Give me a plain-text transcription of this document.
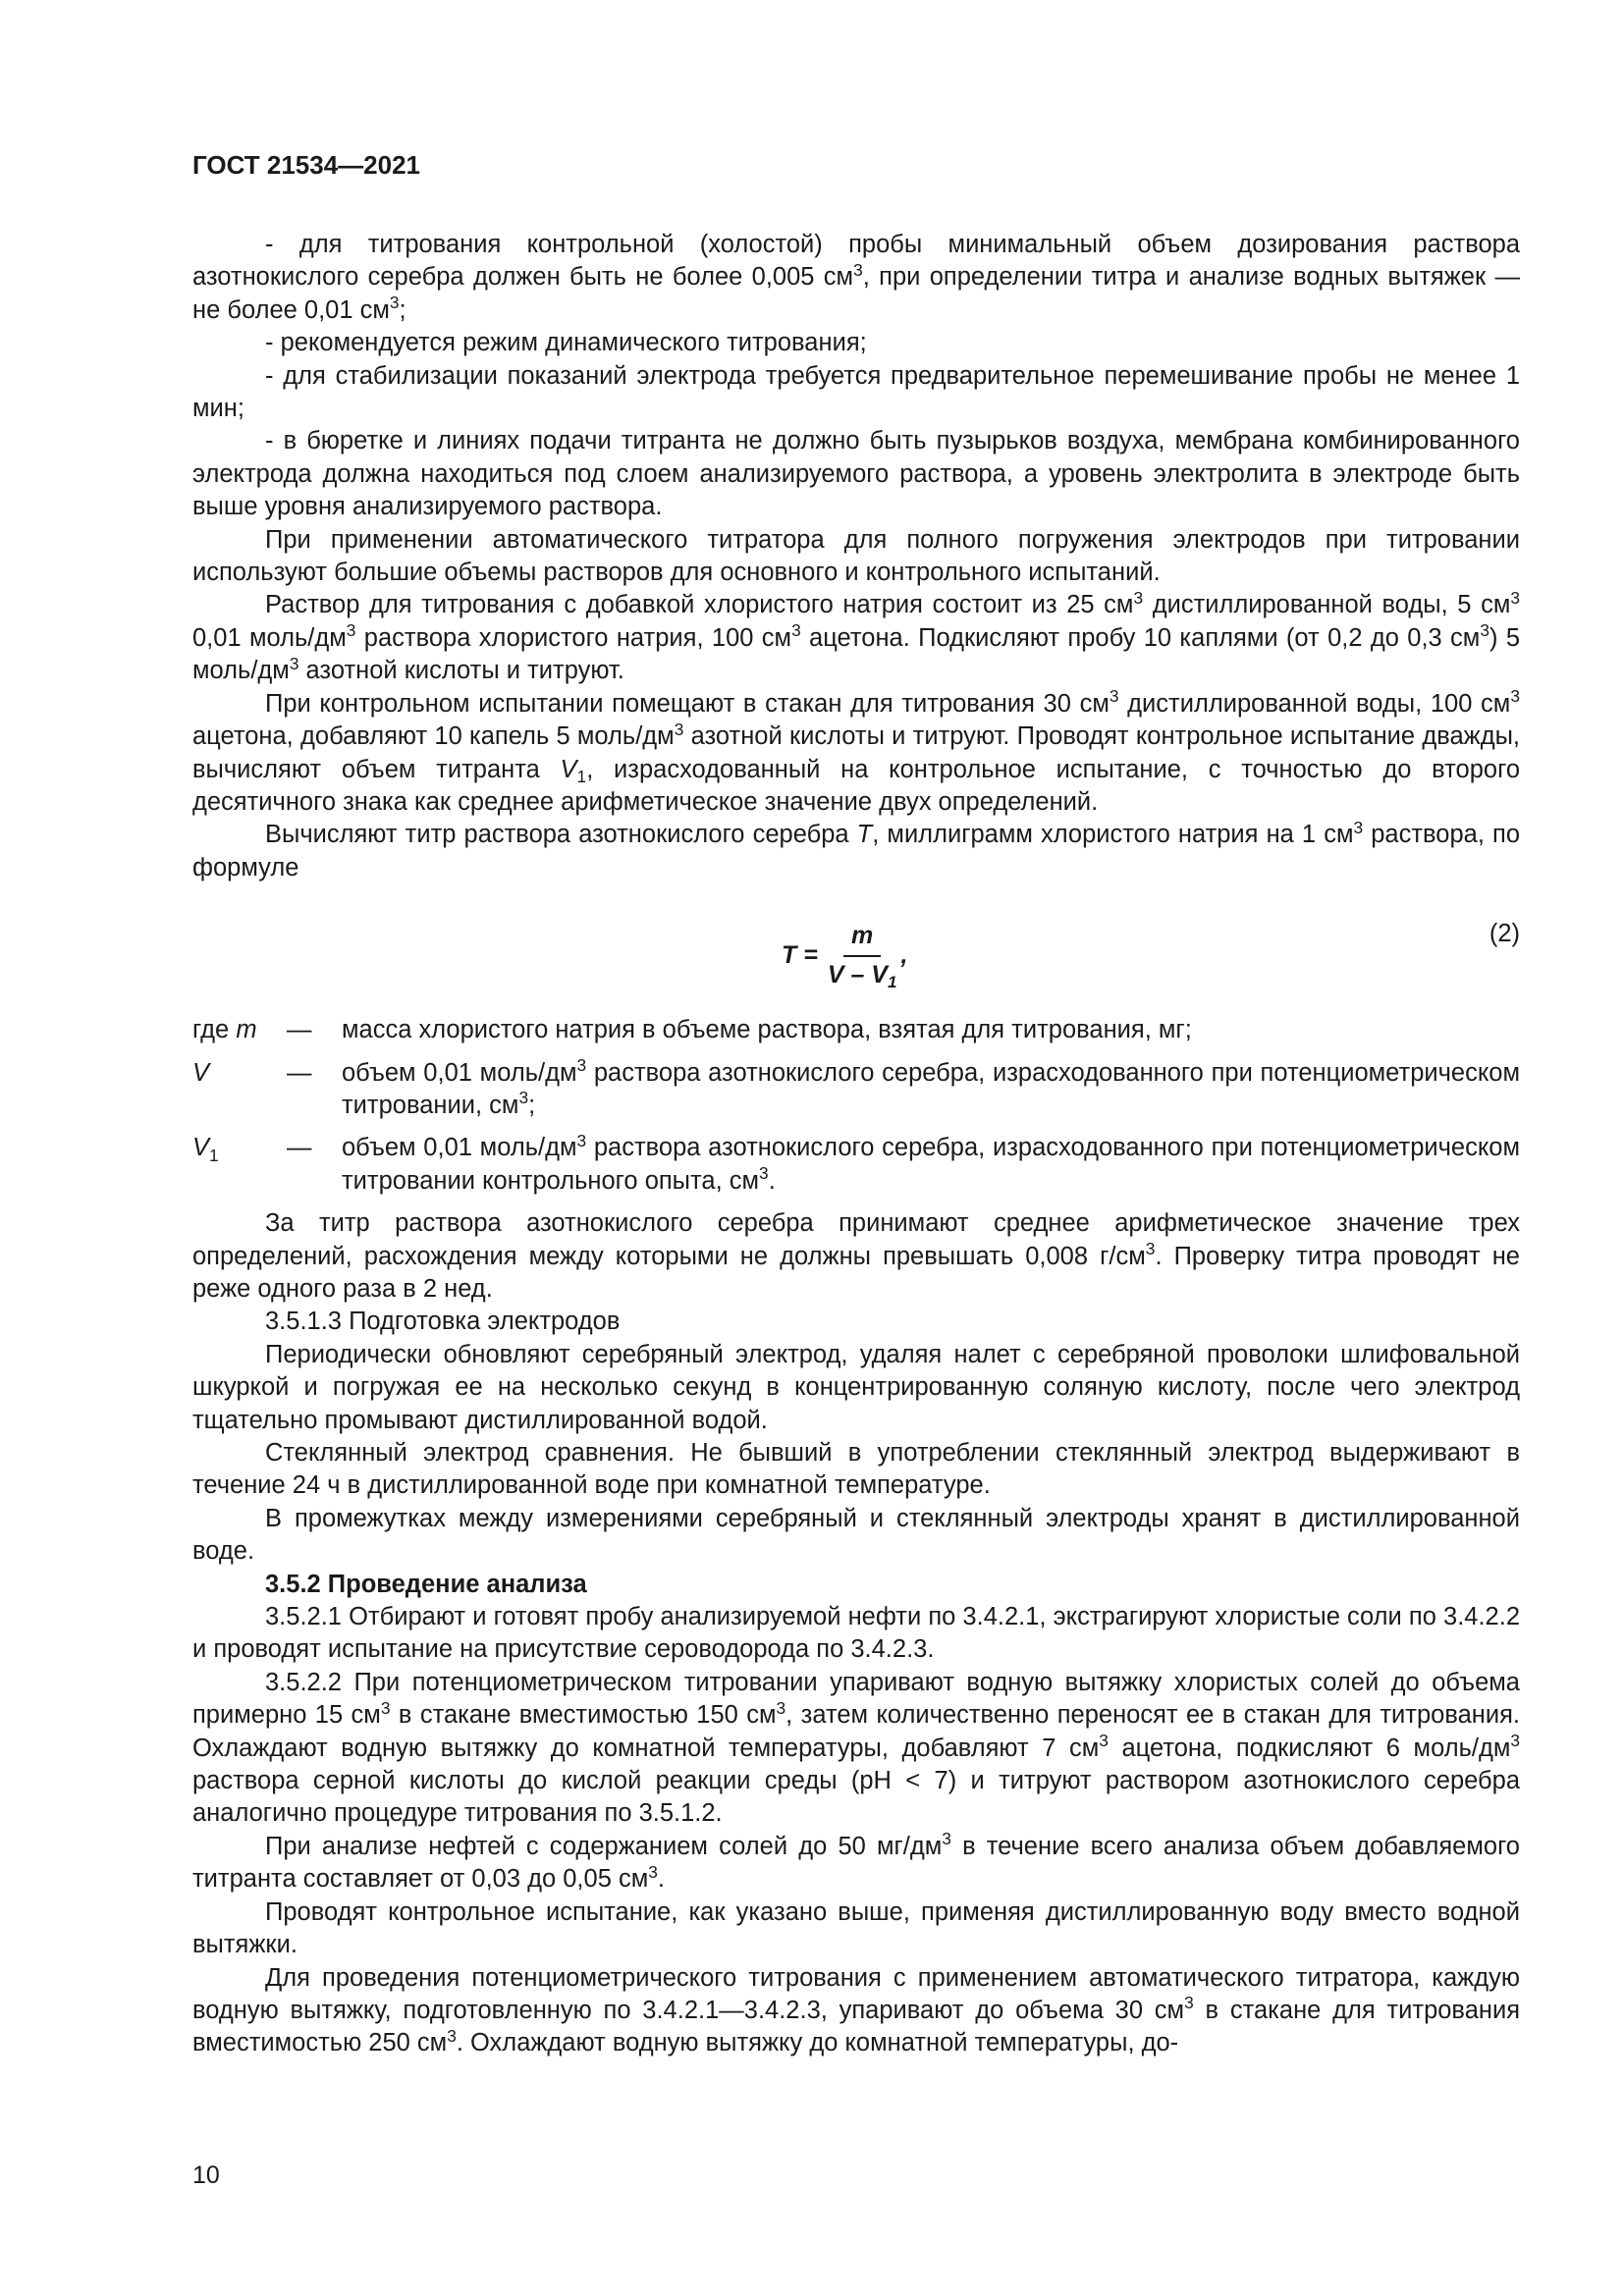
ГОСТ 21534—2021

- для титрования контрольной (холостой) пробы минимальный объем дозирования раствора азотнокислого серебра должен быть не более 0,005 $см^3$, при определении титра и анализе водных вытяжек — не более 0,01 $см^3$;

- рекомендуется режим динамического титрования;

- для стабилизации показаний электрода требуется предварительное перемешивание пробы не менее 1 мин;

- в бюретке и линиях подачи титранта не должно быть пузырьков воздуха, мембрана комбинированного электрода должна находиться под слоем анализируемого раствора, а уровень электролита в электроде быть выше уровня анализируемого раствора.

При применении автоматического титратора для полного погружения электродов при титровании используют большие объемы растворов для основного и контрольного испытаний.

Раствор для титрования с добавкой хлористого натрия состоит из 25 $см^3$ дистиллированной воды, 5 $см^3$ 0,01 моль/$дм^3$ раствора хлористого натрия, 100 $см^3$ ацетона. Подкисляют пробу 10 каплями (от 0,2 до 0,3 $см^3$) 5 моль/$дм^3$ азотной кислоты и титруют.

При контрольном испытании помещают в стакан для титрования 30 $см^3$ дистиллированной воды, 100 $см^3$ ацетона, добавляют 10 капель 5 моль/$дм^3$ азотной кислоты и титруют. Проводят контрольное испытание дважды, вычисляют объем титранта $V_1$, израсходованный на контрольное испытание, с точностью до второго десятичного знака как среднее арифметическое значение двух определений.

Вычисляют титр раствора азотнокислого серебра T, миллиграмм хлористого натрия на 1 $см^3$ раствора, по формуле

$T = \frac{m}{V - V_1}$ ,
(2)
где m	—	масса хлористого натрия в объеме раствора, взятая для титрования, мг;
V	—	объем 0,01 моль/$дм^3$ раствора азотнокислого серебра, израсходованного при потенциометрическом титровании, $см^3$;
$V_1$	—	объем 0,01 моль/$дм^3$ раствора азотнокислого серебра, израсходованного при потенциометрическом титровании контрольного опыта, $см^3$.

За титр раствора азотнокислого серебра принимают среднее арифметическое значение трех определений, расхождения между которыми не должны превышать 0,008 $г/см^3$. Проверку титра проводят не реже одного раза в 2 нед.

3.5.1.3 Подготовка электродов

Периодически обновляют серебряный электрод, удаляя налет с серебряной проволоки шлифовальной шкуркой и погружая ее на несколько секунд в концентрированную соляную кислоту, после чего электрод тщательно промывают дистиллированной водой.

Стеклянный электрод сравнения. Не бывший в употреблении стеклянный электрод выдерживают в течение 24 ч в дистиллированной воде при комнатной температуре.

В промежутках между измерениями серебряный и стеклянный электроды хранят в дистиллированной воде.

3.5.2 Проведение анализа

3.5.2.1 Отбирают и готовят пробу анализируемой нефти по 3.4.2.1, экстрагируют хлористые соли по 3.4.2.2 и проводят испытание на присутствие сероводорода по 3.4.2.3.

3.5.2.2 При потенциометрическом титровании упаривают водную вытяжку хлористых солей до объема примерно 15 $см^3$ в стакане вместимостью 150 $см^3$, затем количественно переносят ее в стакан для титрования. Охлаждают водную вытяжку до комнатной температуры, добавляют 7 $см^3$ ацетона, подкисляют 6 моль/$дм^3$ раствора серной кислоты до кислой реакции среды (pH < 7) и титруют раствором азотнокислого серебра аналогично процедуре титрования по 3.5.1.2.

При анализе нефтей с содержанием солей до 50 $мг/дм^3$ в течение всего анализа объем добавляемого титранта составляет от 0,03 до 0,05 $см^3$.

Проводят контрольное испытание, как указано выше, применяя дистиллированную воду вместо водной вытяжки.

Для проведения потенциометрического титрования с применением автоматического титратора, каждую водную вытяжку, подготовленную по 3.4.2.1—3.4.2.3, упаривают до объема 30 $см^3$ в стакане для титрования вместимостью 250 $см^3$. Охлаждают водную вытяжку до комнатной температуры, до-

10
